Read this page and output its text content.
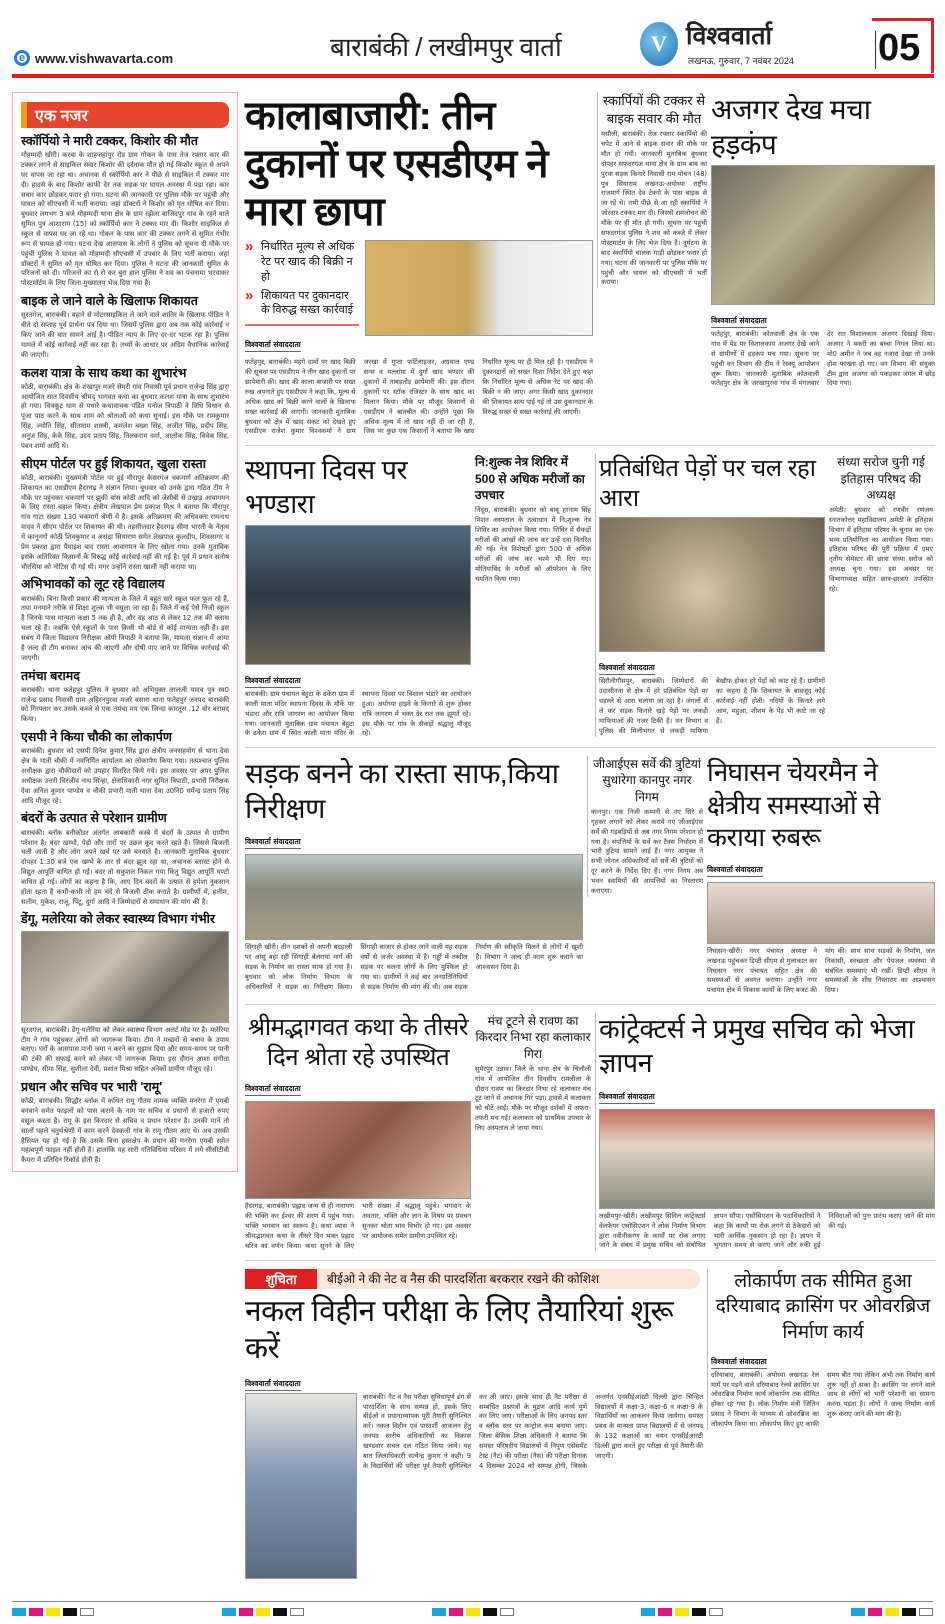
e www.vishwavarta.com	बाराबंकी / लखीमपुर वार्ता	V विश्ववार्ता
लखनऊ, गुरुवार, 7 नवंबर 2024 05
एक नजर
स्कॉर्पियो ने मारी टक्कर, किशोर की मौत
मोहम्मदी खीरी। करबा के शाहजहांपुर रोड ग्राम गोकन के पास तेज रफ्तार कार की टक्कर लगने से साइकिल सवार किशोर की दर्दनाक मौत हो गई किशोर स्कूल से अपने घर वापस जा रहा था। अचानक से स्कॉर्पियो कार ने पीछे से साइकिल में टक्कर मार दी। हादसे के बाद किशोर काफी देर तक सड़क पर घायल अवस्था में पड़ा रहा। कार सवार कार छोड़कर फरार हो गया। घटना की जानकारी पर पुलिस मौके पर पहुंची और घायल को सीएचसी में भर्ती कराया। जहां डॉक्टरों ने किशोर को मृत घोषित कर दिया। बुधवार लगभग 3 बजे मोहम्मदी थाना क्षेत्र के ग्राम रझेला बाजिदपुर गांव के रहने वाले सुमित पुत्र आशाराम (15) को स्कॉर्पियो कार ने टक्कर मार दी। किशोर साइकिल से स्कूल से वापस घर जा रहे था। गोकन के पास कार की टक्कर लगने से सुमित गंभीर रूप से घायल हो गया। घटना देख आसपास के लोगों ने पुलिस को सूचना दी मौके पर पहुंची पुलिस ने घायल को मोहम्मदी सीएचसी में उपचार के लिए भर्ती कराया। जहां डॉक्टरों ने सुमित को मृत घोषित कर दिया। पुलिस ने घटना की जानकारी सुमित के परिजनों को दी। परिजनों का रो रो कर बुरा हाल पुलिस ने शव का पंचनामा भरवाकर पोस्टमॉर्टम के लिए जिला मुख्यालय भेज दिया गया है।
बाइक ले जाने वाले के खिलाफ शिकायत
सूरतगंज, बाराबंकी। बहाने से मोटरसाइकिल ले जाने वाले शातिर के खिलाफ पीड़ित ने बीते दो सप्ताह पूर्व प्रार्थना पत्र दिया था। जिसमें पुलिस द्वारा अब तक कोई कार्रवाई न किए जाने की बात सामने आई है। पीड़ित न्याय के लिए दर-दर भटक रहा है। पुलिस मामले में कोई कार्रवाई नहीं कर रहा है। तथ्यों के आधार पर अग्रिम वैधानिक कार्रवाई की जाएगी।
कलश यात्रा के साथ कथा का शुभारंभ
कोठी, बाराबंकी। क्षेत्र के शंखापुर मजरे सेमरी गांव निवासी पूर्व प्रधान राजेन्द्र सिंह द्वारा आयोजित सात दिवसीय श्रीमद् भागवत कथा का बुधवार कलश यात्रा के साथ शुभारंभ हो गया। चित्रकूट धाम से पधारे कथावाचक पंडित मनोज त्रिपाठी ने विधि विधान से पूजा पाठ करने के साथ शाम को श्रोताओं को कथा सुनाई। इस मौके पर रामकुमार सिंह, ज्योति सिंह, सीताराम शास्त्री, कमलेश बख्श सिंह, अजीत सिंह, प्रदीप सिंह, अनुज सिंह, केके सिंह, उदय प्रताप सिंह, तिलकराम वर्मा, आलोक सिंह, विवेक सिंह, पवन शर्मा आदि थे।
सीएम पोर्टल पर हुई शिकायत, खुला रास्ता
कोठी, बाराबंकी। मुख्यमंत्री पोर्टल पर हुई मीरापुर केसरगंज चकमार्ग अतिक्रमण की शिकायत का एसडीएम हैदरगढ़ ने संज्ञान लिया। बुधवार को उनके द्वारा गठित टीम ने मौके पर पहुंचकर चकमार्ग पर झुकी बांस कोठी आदि को जेसीबी से उखाड़ आवागमन के लिए रास्ता बहाल किया। क्षेत्रीय लेखपाल प्रेम प्रकाश मिश्र ने बताया कि मीरापुर गांव गाटा संख्या 130 चकमार्ग श्रेणी में है। इसके अतिक्रमण की अधिवक्ता रामनाथ यादव ने सीएम पोर्टल पर शिकायत की थी। तहसीलदार हैदरगढ़ सीमा भारती के नेतृत्व में कानूनगो कोठी शिवकुमार व असंद्रा सियाराम समेत लेखपाल कुलदीप, शिवसागर व प्रेम प्रकाश द्वारा पैमाइश बाद रास्ता आवागमन के लिए खोला गया। उनके मुताबिक इसके अतिरिक्त किसानों के विरुद्ध कोई कार्रवाई नहीं की गई है। पूर्व में प्रधान संतोष चौरसिया को नोटिस दी गई थी। मगर उन्होंने रास्ता खाली नहीं कराया था।
अभिभावकों को लूट रहे विद्यालय
बाराबंकी। बिना किसी प्रकार की मान्यता के जिले में बहुत सारे स्कूल फल फूल रहे हैं, तथा मनमाने तरीके से शिक्षा शुल्क भी वसूला जा रहा है। जिले में कई ऐसे निजी स्कूल है जिनके पास मान्यता कक्षा 5 तक ही है, और वह आठ से लेकर 12 तक की क्लास चला रहे हैं। जबकि ऐसे स्कूलों के पास किसी भी बोर्ड से कोई मान्यता नहीं है। इस संबंध में जिला विद्यालय निरीक्षक ओपी त्रिपाठी ने बताया कि, मामला संज्ञान में आया है जल्द ही टीम बनाकर जांच की जाएगी और दोषी पाए जाने पर विधिक कार्रवाई की जाएगी।
तमंचा बरामद
बाराबंकी। थाना फतेहपुर पुलिस ने बुधवार को अभियुक्त लालजी यादव पुत्र स्व0 राजेन्द्र प्रसाद निवासी ग्राम अहिरनपुरवा मजरे बसारा थाना फतेहपुर जनपद बाराबंकी को गिरफ्तार कर उसके कब्जे से एक तमंचा मय एक जिन्दा कारतूस .12 बोर बरामद किया।
एसपी ने किया चौकी का लोकार्पण
बाराबंकी। बुधवार को एसपी दिनेश कुमार सिंह द्वारा क्षेत्रीय जनसहयोग से थाना देवा क्षेत्र के माती चौकी में नवनिर्मित कार्यालय का लोकार्पण किया गया। तत्पश्चात पुलिस अधीक्षक द्वारा चौकीदारों को उपहार वितरित किये गये। इस अवसर पर अपर पुलिस अधीक्षक उत्तरी चिरंजीव नाथ सिन्हा, क्षेत्राधिकारी नगर सुमित त्रिपाठी, प्रभारी निरीक्षक देवा अनिल कुमार पाण्डेय व चौकी प्रभारी माती थाना देवा उ0नि0 धर्मेन्द्र प्रताप सिंह आदि मौजूद रहे।
बंदरों के उत्पात से परेशान ग्रामीण
बाराबंकी। ब्लॉक बनीकोडर अंतर्गत आबकारी कस्बे में बंदरों के उत्पात से ग्रामीण परेशान है। बंदर खम्भो, पेड़ो और तारों पर उछल कूद करते रहते है। जिससे बिजली चली जाती है और लोग अपने खर्च पर उसे बनवाते है। जानकारी मुताबिक बुधवार दोपहर 1:30 बजे एक खम्भे के तार से बंदर झूल रहा था, अचानक ब्लास्ट होने से विद्युत आपूर्ति बाधित हो गई। बंदर तो सकुशल निकल गया किंतु विद्युत आपूर्ति घण्टो बाधित हो गई। लोगों का कहना है कि, आए दिन बंदरों के उत्पात से हमेशा नुकसान होता रहता है कभी-कभी तो हम चंदे से बिजली ठीक कराते है। ग्रामीणों में, हलीम, सलीम, मुकेश, राजू, पिंटू, दुर्गा आदि ने जिम्मेदारों से समाधान की मांग की है।
डेंगू, मलेरिया को लेकर स्वास्थ्य विभाग गंभीर
सूरतगंज, बाराबंकी। डेंगू-मलेरिया को लेकर स्वास्थ्य विभाग अलर्ट मोड पर है। मलेरिया टीम ने गांव पहुंचकर लोगों को जागरूक किया। टीम ने मच्छरों से बचाव के उपाय बताए। घरों के आसपास पानी जमा न करने का सुझाव दिया और समय-समय पर पानी की टंकी की सफाई करने को लेकर भी जागरूक किया। इस दौरान आशा संगीता पाण्डेय, सीमा सिंह, सुशीला देवी, प्रशांत मिश्रा सहित अनेकों ग्रामीण मौजूद रहे।
प्रधान और सचिव पर भारी 'रामू'
कोठी, बाराबंकी। सिद्धौर ब्लॉक में कथित रामू गौतम नामक व्यक्ति मनरेगा में एमबी बनवाने समेत फाइलों को पास कराने के नाम पर सचिव व प्रधानों से हजारों रुपए वसूल करता है। रामू के इस किरदार से सचिव व प्रधान परेशान है। उनकी मानें तो सालों पहले चतुर्थश्रेणी में काम करने देवकली गांव के रामू गौतम आए थे। अब उसकी हैसियत यह हो गई है कि उसके बिना हस्तक्षेप के प्रधान की मनरेगा एमबी समेत महत्वपूर्ण फाइल नहीं होती है। हालांकि यह सारी गतिविधियां परिसर में लगे सीसीटीवी कैमरा में प्रतिदिन रिकॉर्ड होती हैं।
कालाबाजारी: तीन दुकानों पर एसडीएम ने मारा छापा
» निर्धारित मूल्य से अधिक रेट पर खाद की बिक्री न हो
» शिकायत पर दुकानदार के विरुद्ध सख्त कार्रवाई
विश्ववार्ता संवाददाता
फतेहपुर, बाराबंकी। महंगे दामों पर खाद बिक्री की सूचना पर एसडीएम ने तीन खाद दुकानों पर छापेमारी की। खाद की काला बाजारी पर सख्त रुख अपनाते हुए एसडीएम ने कहा कि, मूल्य से अधिक खाद को बिक्री करने वालों के खिलाफ सख्त कार्रवाई की जाएगी। जानकारी मुताबिक बुधवार को क्षेत्र में खाद संकट को देखते हुए एसडीएम राजेश कुमार विश्वकर्मा ने ग्राम जरखा में गुप्ता फर्टिलाइजर, अग्रवाल एण्ड सन्स व मल्लांपा में दुर्गा खाद भण्डार की दुकानों में ताबड़तोड़ छापेमारी की। इस दौरान दुकानों पर स्टॉक रजिस्टर के साथ खाद का मिलान किया। मौके पर मौजूद किसानों से एसडीएम ने बातचीत की। उन्होंने पूछा कि अधिक मूल्य में तो खाद नहीं दी जा रही है, जिस पर कुछ एक किसानों ने बताया कि खाद निर्धारित मूल्य पर ही मिल रही है। एसडीएम ने दुकानदारों को सख्त दिशा निर्देश देते हुए कहा कि निर्धारित मूल्य से अधिक रेट पर खाद की बिक्री न की जाए। अगर किसी खाद दुकानदार की शिकायत सत्य पाई गई तो उस दुकानदार के विरुद्ध सख्त से सख्त कार्रवाई की जाएगी।
स्कार्पियों की टक्कर से बाइक सवार की मौत
मसौली, बाराबंकी। तेज रफ्तार स्कार्पियो की चपेट में आने से बाइक सवार की मौके पर मौत हो गयी। जानकारी मुताबिक बुधवार दोपहर सफदरगंज थाना क्षेत्र के ग्राम बाब का पुरवा सड़क किनारे निवासी राम मोचन (48) पुत्र सियाराम लखनऊ-अयोध्या राष्ट्रीय राजमार्ग स्थित देव टेक्नो के पास बाइक से जा रहे थे। तभी पीछे से आ रही स्कार्पियो ने जोरदार टक्कर मार दी। जिससे रामलोचन की मौके पर ही मौत हो गयी। सूचना पर पहुंची सफदरगंज पुलिस ने शव को कब्जे में लेकर पोस्टमार्टम के लिए भेज दिया है। दुर्घटना के बाद स्कार्पियो चालक गाड़ी छोड़कर फरार हो गया। घटना की जानकारी पर पुलिस मौके पर पहुंची और घायल को सीएचसी में भर्ती कराया।
अजगर देख मचा हड़कंप
विश्ववार्ता संवाददाता
फतेहपुर, बाराबंकी। कोतवाली क्षेत्र के एक गांव में पेड़ पर विशालकाय अजगर देखे जाने से ग्रामीणों में हड़कंप मच गया। सूचना पर पहुंची वन विभाग की टीम ने रेस्क्यू आपरेशन शुरू किया। जानकारी मुताबिक कोतवाली फतेहपुर क्षेत्र के जरखापुरवा गांव में मंगलवार देर रात विशालकाय अजगर दिखाई दिया। अजगर ने बकरी का बच्चा निगल लिया था। मो0 अमीन ने जब वह नजारा देखा तो उनके होश फाख्ता हो गए। वन विभाग की संयुक्त टीम द्वारा अजगर को पकड़कर जंगल में छोड़ दिया गया।
स्थापना दिवस पर भण्डारा
विश्ववार्ता संवाददाता
बाराबंकी। ग्राम पंचायत बेहुटा के ढकेरा ग्राम में काली माता मंदिर स्थापना दिवस के मौके पर भंडारा और रात्रि जागरण का आयोजन किया गया। जानकारी मुताबिक ग्राम पंचायत बेहुटा के ढकेरा ग्राम में स्थित काली माता मंदिर के स्थापना दिवस पर विशाल भंडारे का आयोजन हुआ। अयोध्या हाइवे के किनारे से शुरू होकर रात्रि जागरण में भक्त देर रात तक झूमते रहे। इस मौके पर गांव के सैकड़ों श्रद्धालु मौजूद रहे।
नि:शुल्क नेत्र शिविर में 500 से अधिक मरीजों का उपचार
निंदूरा, बाराबंकी। बुधवार को बाबू हरनाम सिंह मिशन अस्पताल के तत्वाधान में नि:शुल्क नेत्र शिविर का आयोजन किया गया। शिविर में सैकड़ों मरीजों की आंखों की जांच कर उन्हें दवा वितरित की गई। नेत्र विशेषज्ञों द्वारा 500 से अधिक मरीजों की जांच कर चश्मे भी दिए गए। मोतियाबिंद के मरीजों को ऑपरेशन के लिए चयनित किया गया।
प्रतिबंधित पेड़ों पर चल रहा आरा
विश्ववार्ता संवाददाता
सिरौलीगौसपुर, बाराबंकी। जिम्मेदारों की उदासीनता से क्षेत्र में हरे प्रतिबंधित पेड़ों पर धड़ल्ले से आरा चलाया जा रहा है। जंगलों से ले कर सड़क किनारे खड़े पेड़ों पर लकड़ी माफियाओं की नजर टिकी है। वन विभाग व पुलिस की मिलीभगत से लकड़ी माफिया बेखौफ होकर हरे पेड़ों को काट रहे हैं। ग्रामीणों का कहना है कि शिकायत के बावजूद कोई कार्रवाई नहीं होती। नदियों के किनारे लगे आम, महुआ, शीशम के पेड़ भी काटे जा रहे हैं।
संध्या सरोज चुनी गई इतिहास परिषद की अध्यक्ष
अमेठी। बुधवार को रणवीर रणंजय स्नातकोत्तर महाविद्यालय अमेठी के इतिहास विभाग में इतिहास परिषद के चुनाव का एक भव्य प्रतियोगिता का आयोजन किया गया। इतिहास परिषद की पूरी प्रक्रिया में एमए तृतीय सेमेस्टर की छात्रा संध्या सरोज को अध्यक्ष चुना गया। इस अवसर पर विभागाध्यक्ष सहित छात्र-छात्राएं उपस्थित रहे।
सड़क बनने का रास्ता साफ,किया निरीक्षण
विश्ववार्ता संवाददाता
सिंगाही खीरी। तीन दशकों से अपनी बदहाली पर आंसू बहा रही सिंगाही बेलरायां मार्ग की सड़क के निर्माण का रास्ता साफ हो गया है। बुधवार को लोक निर्माण विभाग के अधिकारियों ने सड़क का निरीक्षण किया। सिंगाही बाजार से होकर जाने वाली यह सड़क वर्षों से जर्जर अवस्था में है। गड्ढों में तब्दील सड़क पर चलना लोगों के लिए मुश्किल हो गया था। ग्रामीणों ने कई बार जनप्रतिनिधियों से सड़क निर्माण की मांग की थी। अब सड़क निर्माण की स्वीकृति मिलने से लोगों में खुशी है। विभाग ने जल्द ही काम शुरू कराने का आश्वासन दिया है।
जीआईएस सर्वे की त्रुटियां सुधारेगा कानपुर नगर निगम
कानपुर। एक निजी कम्पनी से नए सिरे से गृहकर लगाने को लेकर कराये गए जीआईएस सर्वे की गड़बड़ियों से अब नगर निगम परेशान हो गया है। संपत्तियों के सर्वे कर टैक्स निर्धारण में भारी त्रुटियां सामने आई हैं। नगर आयुक्त ने सभी जोनल अधिकारियों को सर्वे की त्रुटियों को दूर करने के निर्देश दिए हैं। नगर निगम अब भवन स्वामियों की आपत्तियों का निस्तारण कराएगा।
निघासन चेयरमैन ने क्षेत्रीय समस्याओं से कराया रुबरू
विश्ववार्ता संवाददाता
निघासन-खीरी। नगर पंचायत अध्यक्ष ने लखनऊ पहुंचकर डिप्टी सीएम से मुलाकात कर निघासन नगर पंचायत सहित क्षेत्र की समस्याओं से अवगत कराया। उन्होंने नगर पंचायत क्षेत्र में विकास कार्यों के लिए बजट की मांग की। साथ साथ सड़कों के निर्माण, जल निकासी, स्वच्छता और पेयजल व्यवस्था से संबंधित समस्याएं भी रखीं। डिप्टी सीएम ने समस्याओं के शीघ्र निस्तारण का आश्वासन दिया।
श्रीमद्भागवत कथा के तीसरे दिन श्रोता रहे उपस्थित
विश्ववार्ता संवाददाता
हैदरगढ़, बाराबंकी। प्रह्लाद जन्म से ही नारायण की भक्ति कर ईश्वर की शरण में पहुंच गया। भक्ति भगवान का स्वरूप है। कथा व्यास ने श्रीमद्भागवत कथा के तीसरे दिन भक्त प्रह्लाद चरित्र का वर्णन किया। कथा सुनने के लिए भारी संख्या में श्रद्धालु पहुंचे। भगवान के अवतार, भक्ति और ज्ञान के विषय पर प्रवचन सुनकर श्रोता भाव विभोर हो गए। इस अवसर पर आयोजक समेत ग्रामीण उपस्थित रहे।
मंच टूटने से रावण का किरदार निभा रहा कलाकार गिरा
सुमेरपुर उन्नाव। जिले के थाना क्षेत्र के चिलौली गांव में आयोजित तीन दिवसीय रामलीला के दौरान रावण का किरदार निभा रहे कलाकार मंच टूट जाने से अचानक गिर पड़ा। हादसे में कलाकार को चोटें आईं। मौके पर मौजूद दर्शकों में अफरा-तफरी मच गई। कलाकार को प्राथमिक उपचार के लिए अस्पताल ले जाया गया।
कांट्रेक्टर्स ने प्रमुख सचिव को भेजा ज्ञापन
विश्ववार्ता संवाददाता
लखीमपुर-खीरी। लखीमपुर सिविल कांट्रेक्टर्स वेलफेयर एसोसिएशन ने लोक निर्माण विभाग द्वारा नवीनीकरण के कार्यों पर रोक लगाए जाने के संबंध में प्रमुख सचिव को संबोधित ज्ञापन सौंपा। एसोसिएशन के पदाधिकारियों ने कहा कि कार्यों पर रोक लगने से ठेकेदारों को भारी आर्थिक नुकसान हो रहा है। ज्ञापन में भुगतान समय से कराए जाने और रुकी हुई निविदाओं को पुनः प्रारंभ कराए जाने की मांग की गई।
शुचिता	बीईओ ने की नेट व नैस की पारदर्शिता बरकरार रखने की कोशिश
नकल विहीन परीक्षा के लिए तैयारियां शुरू करें
विश्ववार्ता संवाददाता
बाराबंकी। नैट व नैस परीक्षा सुविधापूर्ण ढंग से पारदर्शिता के साथ सम्पन्न हो, इसके लिए बीईओ व प्रधानाध्यापक पूरी तैयारी सुनिश्चित करें। नकल विहीन एवं पारदर्शी आकलन हेतु जनपद स्तरीय अधिकारियों का विकास खण्डवार सचल दल गठित किया जाये। यह बात जिलाधिकारी सत्येन्द्र कुमार ने कही। 9 के विद्यार्थियों की परीक्षा पूर्व तैयारी सुनिश्चित कर ली जाए। इसके साथ ही नैट परीक्षा से सम्बंधित प्रश्नपत्रों के मुद्रण आदि कार्य पूर्ण कर लिए जाएं। परीक्षाओं के लिए जनपद स्तर व ब्लॉक स्तर पर कन्ट्रोल रूम बनाया जाए। जिला बेसिक शिक्षा अधिकारी ने बताया कि समस्त परिषदीय विद्यालयों में निपुण एसेसमेंट टेस्ट (नैट) की परीक्षा (नैस) की परीक्षा दिनांक 4 दिसम्बर 2024 को सम्पन्न होगी, जिसके अन्तर्गत एनसीईआरटी दिल्ली द्वारा चिन्हित विद्यालयों में कक्षा-3, कक्षा-6 व कक्षा-9 के विद्यार्थियों का आकलन किया जायेगा। समस्त प्रबंध के मान्यता प्राप्त विद्यालयों में से जनपद के 132 कक्षाओं का चयन एनसीईआरटी दिल्ली द्वारा करते हुए परीक्षा से पूर्व तैयारी की जाएगी।
लोकार्पण तक सीमित हुआ दरियाबाद क्रासिंग पर ओवरब्रिज निर्माण कार्य
विश्ववार्ता संवाददाता
दरियाबाद, बाराबंकी। अयोध्या लखनऊ रेल मार्ग पर पड़ने वाले दरियाबाद रेलवे क्रासिंग पर ओवरब्रिज निर्माण कार्य लोकार्पण तक सीमित होकर रह गया है। लोक निर्माण मंत्री जितिन प्रसाद ने विभाग के माध्यम से ओवरब्रिज का लोकार्पण किया था। लोकार्पण किए हुए काफी समय बीत गया लेकिन अभी तक निर्माण कार्य शुरू नहीं हो सका है। क्रासिंग पर लगने वाले जाम से लोगों को भारी परेशानी का सामना करना पड़ता है। लोगों ने जल्द निर्माण कार्य शुरू कराए जाने की मांग की है।
